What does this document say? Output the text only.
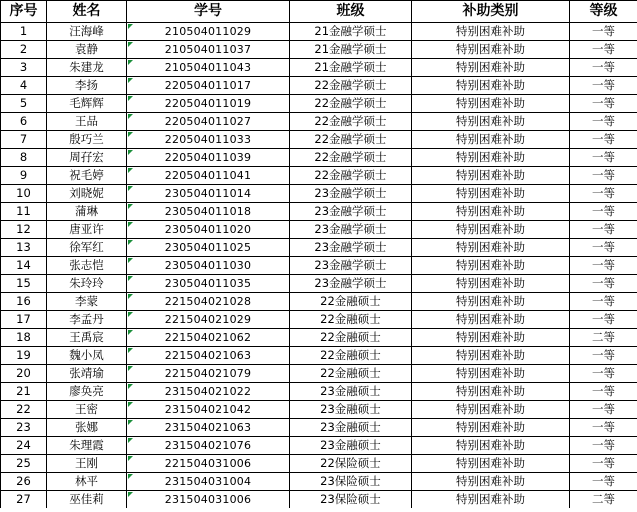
序号	姓名	学号	班级	补助类别	等级
1	汪海峰	210504011029	21金融学硕士	特别困难补助	一等
2	袁静	210504011037	21金融学硕士	特别困难补助	一等
3	朱建龙	210504011043	21金融学硕士	特别困难补助	一等
4	李扬	220504011017	22金融学硕士	特别困难补助	一等
5	毛辉辉	220504011019	22金融学硕士	特别困难补助	一等
6	王品	220504011027	22金融学硕士	特别困难补助	一等
7	殷巧兰	220504011033	22金融学硕士	特别困难补助	一等
8	周孖宏	220504011039	22金融学硕士	特别困难补助	一等
9	祝毛婷	220504011041	22金融学硕士	特别困难补助	一等
10	刘晓妮	230504011014	23金融学硕士	特别困难补助	一等
11	蒲琳	230504011018	23金融学硕士	特别困难补助	一等
12	唐亚许	230504011020	23金融学硕士	特别困难补助	一等
13	徐军红	230504011025	23金融学硕士	特别困难补助	一等
14	张志恺	230504011030	23金融学硕士	特别困难补助	一等
15	朱玲玲	230504011035	23金融学硕士	特别困难补助	一等
16	李蒙	221504021028	22金融硕士	特别困难补助	一等
17	李孟丹	221504021029	22金融硕士	特别困难补助	一等
18	王禹宸	221504021062	22金融硕士	特别困难补助	二等
19	魏小凤	221504021063	22金融硕士	特别困难补助	一等
20	张靖瑜	221504021079	22金融硕士	特别困难补助	一等
21	廖奂亮	231504021022	23金融硕士	特别困难补助	一等
22	王密	231504021042	23金融硕士	特别困难补助	一等
23	张娜	231504021063	23金融硕士	特别困难补助	一等
24	朱理霞	231504021076	23金融硕士	特别困难补助	一等
25	王刚	221504031006	22保险硕士	特别困难补助	一等
26	林平	231504031004	23保险硕士	特别困难补助	一等
27	巫佳莉	231504031006	23保险硕士	特别困难补助	二等
